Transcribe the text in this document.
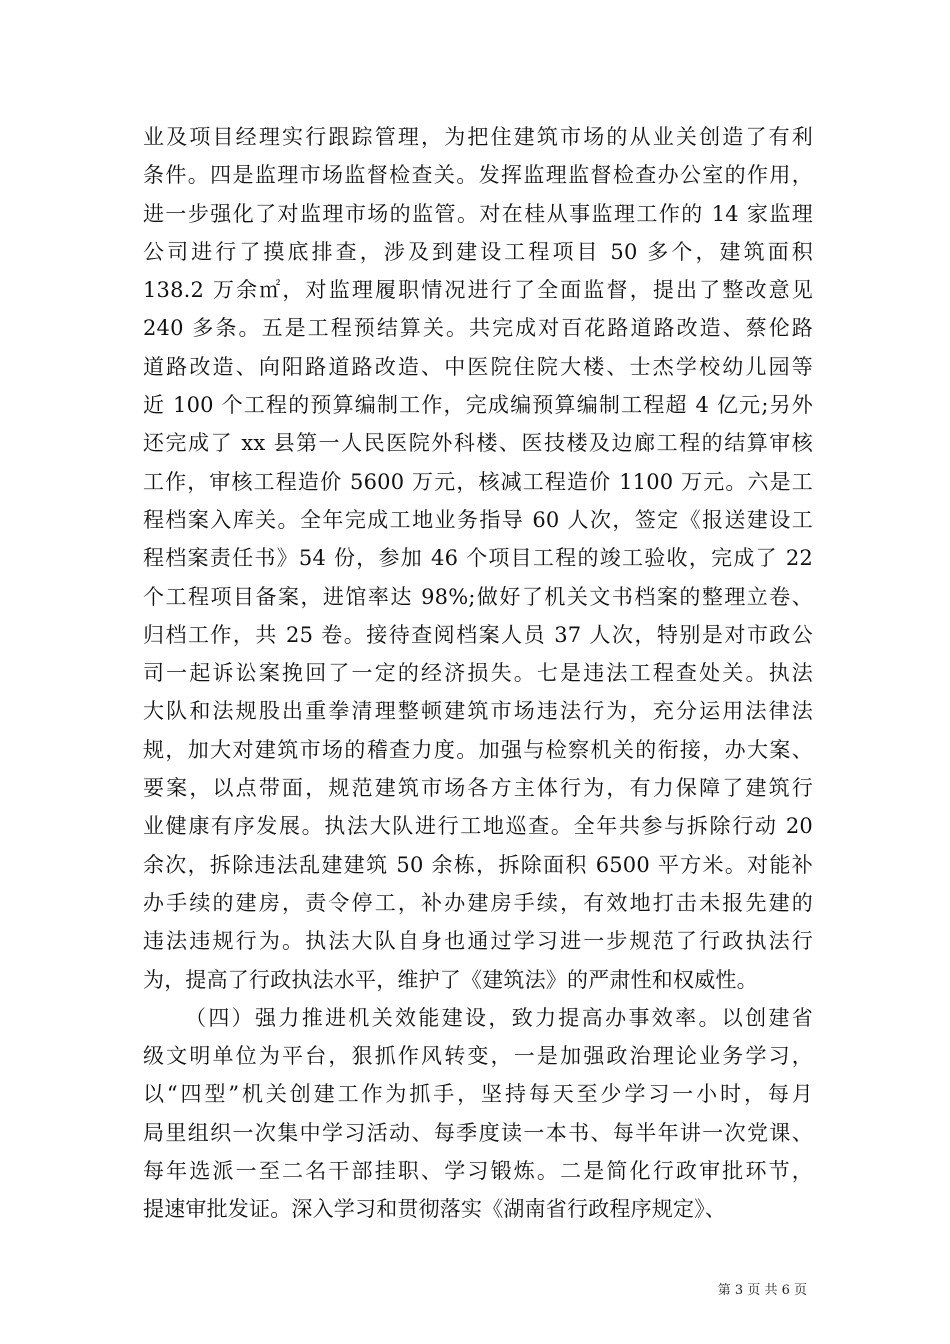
业及项目经理实行跟踪管理，为把住建筑市场的从业关创造了有利
条件。四是监理市场监督检查关。发挥监理监督检查办公室的作用，
进一步强化了对监理市场的监管。对在桂从事监理工作的 14 家监理
公司进行了摸底排查，涉及到建设工程项目 50 多个，建筑面积
138.2 万余㎡，对监理履职情况进行了全面监督，提出了整改意见
240 多条。五是工程预结算关。共完成对百花路道路改造、蔡伦路
道路改造、向阳路道路改造、中医院住院大楼、士杰学校幼儿园等
近 100 个工程的预算编制工作，完成编预算编制工程超 4 亿元;另外
还完成了 xx 县第一人民医院外科楼、医技楼及边廊工程的结算审核
工作，审核工程造价 5600 万元，核减工程造价 1100 万元。六是工
程档案入库关。全年完成工地业务指导 60 人次，签定《报送建设工
程档案责任书》54 份，参加 46 个项目工程的竣工验收，完成了 22
个工程项目备案，进馆率达 98%;做好了机关文书档案的整理立卷、
归档工作，共 25 卷。接待查阅档案人员 37 人次，特别是对市政公
司一起诉讼案挽回了一定的经济损失。七是违法工程查处关。执法
大队和法规股出重拳清理整顿建筑市场违法行为，充分运用法律法
规，加大对建筑市场的稽查力度。加强与检察机关的衔接，办大案、
要案，以点带面，规范建筑市场各方主体行为，有力保障了建筑行
业健康有序发展。执法大队进行工地巡查。全年共参与拆除行动 20
余次，拆除违法乱建建筑 50 余栋，拆除面积 6500 平方米。对能补
办手续的建房，责令停工，补办建房手续，有效地打击未报先建的
违法违规行为。执法大队自身也通过学习进一步规范了行政执法行
为，提高了行政执法水平，维护了《建筑法》的严肃性和权威性。
（四）强力推进机关效能建设，致力提高办事效率。以创建省
级文明单位为平台，狠抓作风转变，一是加强政治理论业务学习，
以“四型”机关创建工作为抓手，坚持每天至少学习一小时，每月
局里组织一次集中学习活动、每季度读一本书、每半年讲一次党课、
每年选派一至二名干部挂职、学习锻炼。二是简化行政审批环节，
提速审批发证。深入学习和贯彻落实《湖南省行政程序规定》、
第 3 页 共 6 页
